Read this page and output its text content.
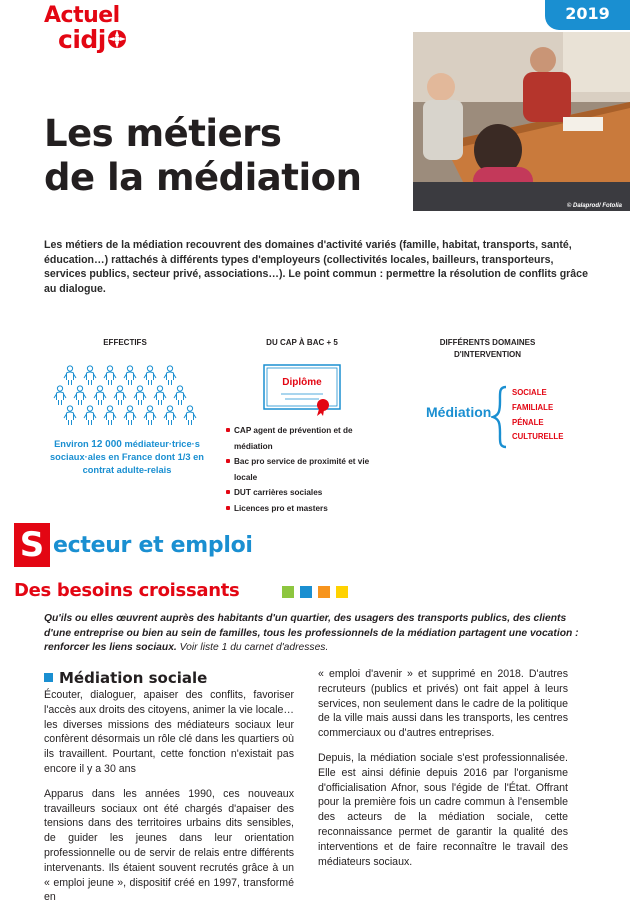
Actuel
cidj
2019
© Dalaprod/ Fotolia
Les métiers
de la médiation
Les métiers de la médiation recouvrent des domaines d'activité variés (famille, habitat, transports, santé, éducation…) rattachés à différents types d'employeurs (collectivités locales, bailleurs, transporteurs, services publics, secteur privé, associations…). Le point commun : permettre la résolution de conflits grâce au dialogue.
EFFECTIFS
Environ 12 000 médiateur·trice·s sociaux·ales en France dont 1/3 en contrat adulte-relais
DU CAP À BAC + 5
Diplôme
CAP agent de prévention et de médiation
Bac pro service de proximité et vie locale
DUT carrières sociales
Licences pro et masters
DIFFÉRENTS DOMAINES
D'INTERVENTION
Médiation
SOCIALE
FAMILIALE
PÉNALE
CULTURELLE
S ecteur et emploi
Des besoins croissants
Qu'ils ou elles œuvrent auprès des habitants d'un quartier, des usagers des transports publics, des clients d'une entreprise ou bien au sein de familles, tous les professionnels de la médiation partagent une vocation : renforcer les liens sociaux. Voir liste 1 du carnet d'adresses.
Médiation sociale

Écouter, dialoguer, apaiser des conflits, favoriser l'accès aux droits des citoyens, animer la vie locale… les diverses missions des médiateurs sociaux leur confèrent désormais un rôle clé dans les quartiers où ils travaillent. Pourtant, cette fonction n'existait pas encore il y a 30 ans

Apparus dans les années 1990, ces nouveaux travailleurs sociaux ont été chargés d'apaiser des tensions dans des territoires urbains dits sensibles, de guider les jeunes dans leur orientation professionnelle ou de servir de relais entre différents intervenants. Ils étaient souvent recrutés grâce à un « emploi jeune », dispositif créé en 1997, transformé en

« emploi d'avenir » et supprimé en 2018. D'autres recruteurs (publics et privés) ont fait appel à leurs services, non seulement dans le cadre de la politique de la ville mais aussi dans les transports, les centres commerciaux ou d'autres entreprises.

Depuis, la médiation sociale s'est professionnalisée. Elle est ainsi définie depuis 2016 par l'organisme d'officialisation Afnor, sous l'égide de l'État. Offrant pour la première fois un cadre commun à l'ensemble des acteurs de la médiation sociale, cette reconnaissance permet de garantir la qualité des interventions et de faire reconnaître le travail des médiateurs sociaux.
